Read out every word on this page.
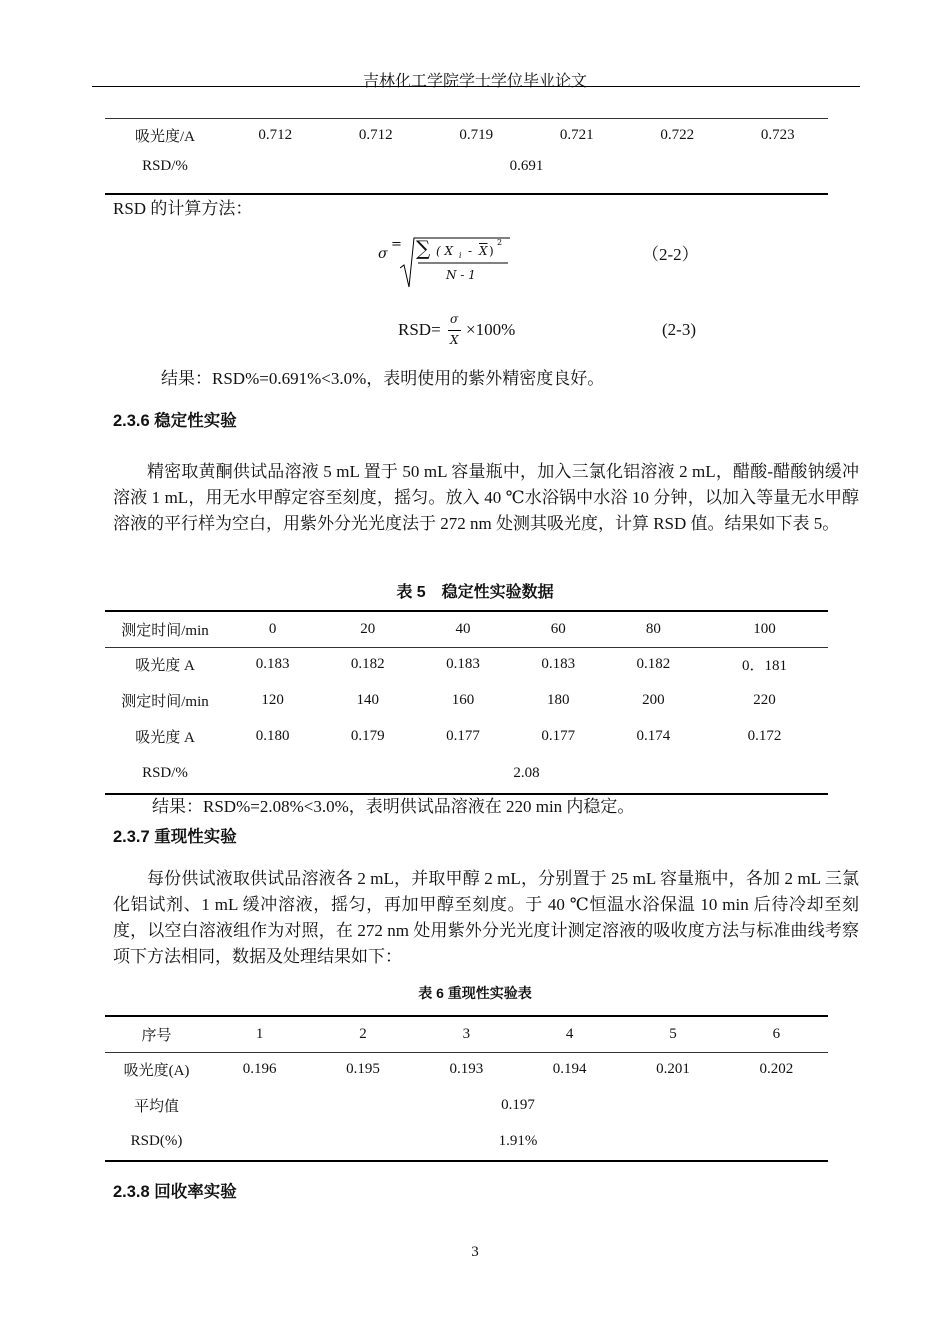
吉林化工学院学士学位毕业论文
吸光度/A	0.712	0.712	0.719	0.721	0.722	0.723
RSD/%	0.691					
RSD 的计算方法：
σ
= ∑ ( X i - $\overline{X}$ )
2
N - 1
（2-2）
RSD=
σ
X
×100%	(2-3)
结果：RSD%=0.691%<3.0%，表明使用的紫外精密度良好。
2.3.6 稳定性实验
精密取黄酮供试品溶液 5 mL 置于 50 mL 容量瓶中，加入三氯化铝溶液 2 mL，醋酸-醋酸钠缓冲溶液 1 mL，用无水甲醇定容至刻度，摇匀。放入 40 ℃水浴锅中水浴 10 分钟，以加入等量无水甲醇溶液的平行样为空白，用紫外分光光度法于 272 nm 处测其吸光度，计算 RSD 值。结果如下表 5。
表 5　稳定性实验数据
测定时间/min	0	20	40	60	80	100
吸光度 A	0.183	0.182	0.183	0.183	0.182	0．181
测定时间/min	120	140	160	180	200	220
吸光度 A	0.180	0.179	0.177	0.177	0.174	0.172
RSD/%	2.08					
结果：RSD%=2.08%<3.0%，表明供试品溶液在 220 min 内稳定。
2.3.7 重现性实验
每份供试液取供试品溶液各 2 mL，并取甲醇 2 mL，分别置于 25 mL 容量瓶中，各加 2 mL 三氯化铝试剂、1 mL 缓冲溶液，摇匀，再加甲醇至刻度。于 40 ℃恒温水浴保温 10 min 后待冷却至刻度，以空白溶液组作为对照，在 272 nm 处用紫外分光光度计测定溶液的吸收度方法与标准曲线考察项下方法相同，数据及处理结果如下：
表 6 重现性实验表
序号	1	2	3	4	5	6
吸光度(A)	0.196	0.195	0.193	0.194	0.201	0.202
平均值	0.197					
RSD(%)	1.91%					
2.3.8 回收率实验
3
